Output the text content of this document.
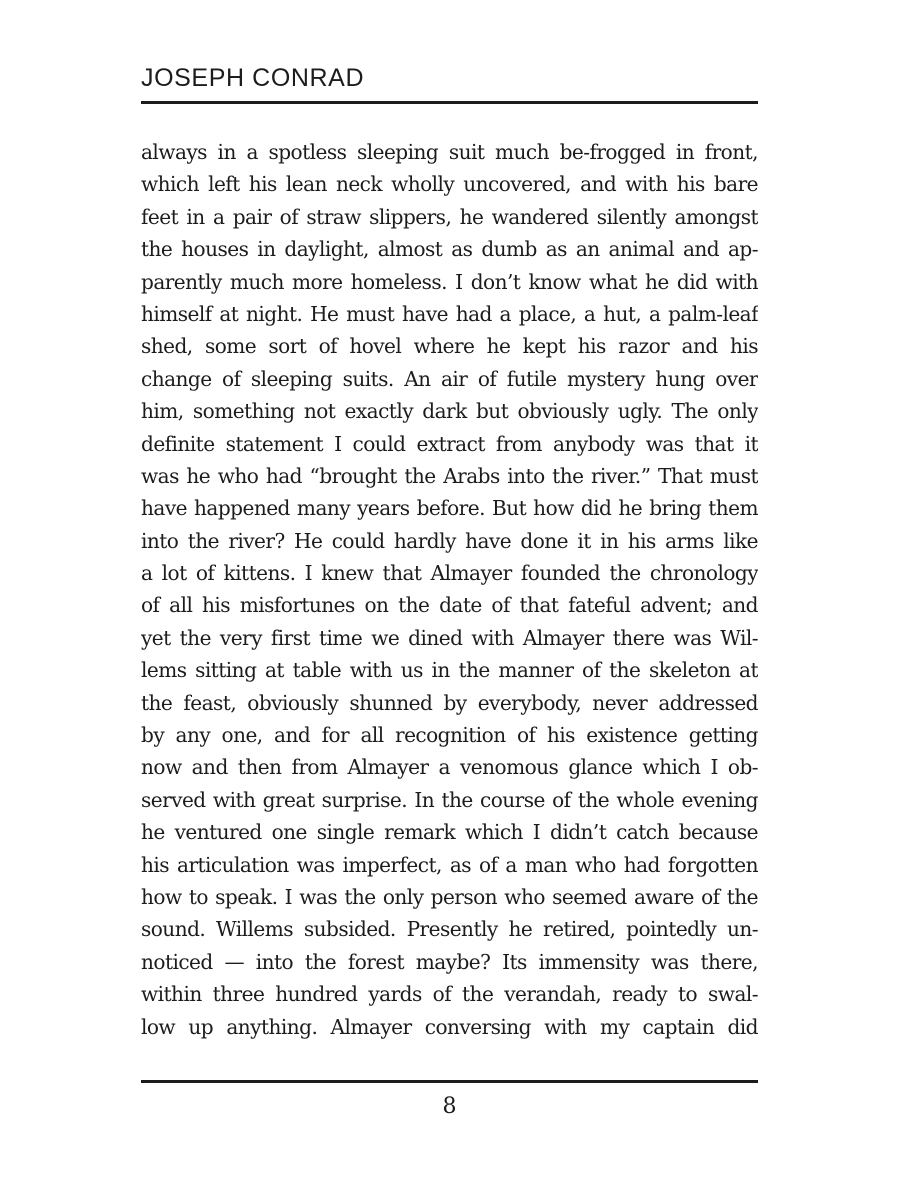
JOSEPH CONRAD
always in a spotless sleeping suit much be-frogged in front,
which left his lean neck wholly uncovered, and with his bare
feet in a pair of straw slippers, he wandered silently amongst
the houses in daylight, almost as dumb as an animal and ap-
parently much more homeless. I don’t know what he did with
himself at night. He must have had a place, a hut, a palm-leaf
shed, some sort of hovel where he kept his razor and his
change of sleeping suits. An air of futile mystery hung over
him, something not exactly dark but obviously ugly. The only
definite statement I could extract from anybody was that it
was he who had “brought the Arabs into the river.” That must
have happened many years before. But how did he bring them
into the river? He could hardly have done it in his arms like
a lot of kittens. I knew that Almayer founded the chronology
of all his misfortunes on the date of that fateful advent; and
yet the very first time we dined with Almayer there was Wil-
lems sitting at table with us in the manner of the skeleton at
the feast, obviously shunned by everybody, never addressed
by any one, and for all recognition of his existence getting
now and then from Almayer a venomous glance which I ob-
served with great surprise. In the course of the whole evening
he ventured one single remark which I didn’t catch because
his articulation was imperfect, as of a man who had forgotten
how to speak. I was the only person who seemed aware of the
sound. Willems subsided. Presently he retired, pointedly un-
noticed — into the forest maybe? Its immensity was there,
within three hundred yards of the verandah, ready to swal-
low up anything. Almayer conversing with my captain did
8
